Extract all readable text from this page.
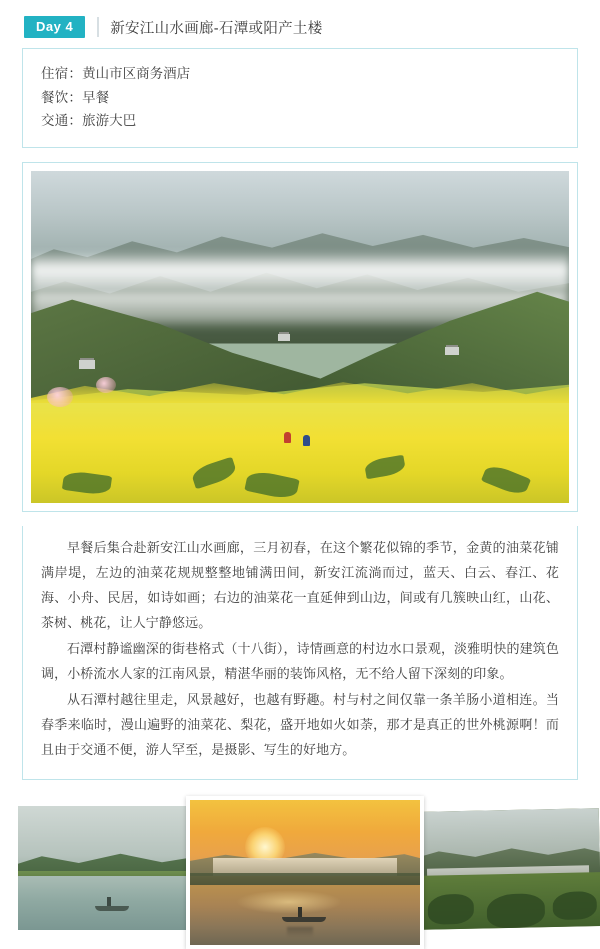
Day 4	新安江山水画廊-石潭或阳产土楼
住宿：黄山市区商务酒店
餐饮：早餐
交通：旅游大巴

早餐后集合赴新安江山水画廊，三月初春，在这个繁花似锦的季节，金黄的油菜花铺满岸堤，左边的油菜花规规整整地铺满田间，新安江流淌而过，蓝天、白云、春江、花海、小舟、民居，如诗如画；右边的油菜花一直延伸到山边，间或有几簇映山红，山花、茶树、桃花，让人宁静悠远。

石潭村静谧幽深的街巷格式（十八街），诗情画意的村边水口景观，淡雅明快的建筑色调，小桥流水人家的江南风景，精湛华丽的装饰风格，无不给人留下深刻的印象。

从石潭村越往里走，风景越好，也越有野趣。村与村之间仅靠一条羊肠小道相连。当春季来临时，漫山遍野的油菜花、梨花，盛开地如火如荼，那才是真正的世外桃源啊！而且由于交通不便，游人罕至，是摄影、写生的好地方。
